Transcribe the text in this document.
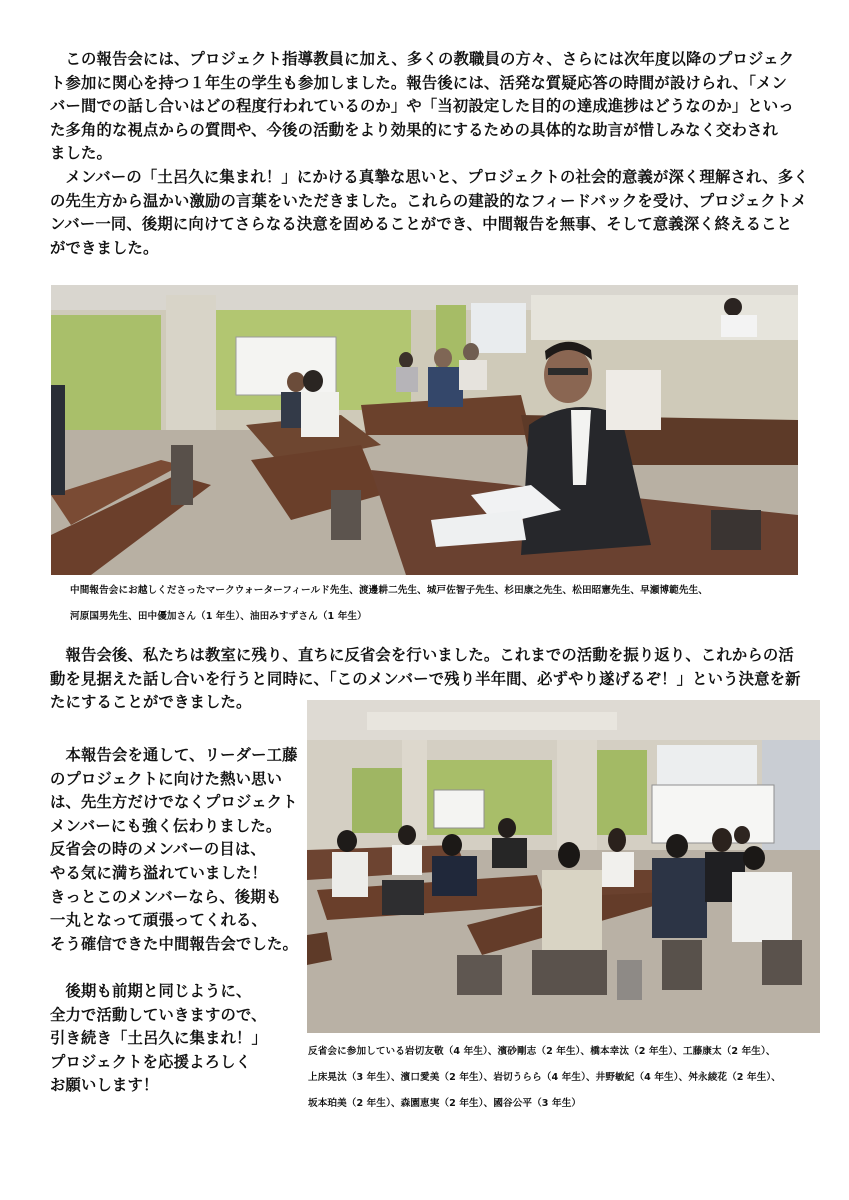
　この報告会には、プロジェクト指導教員に加え、多くの教職員の方々、さらには次年度以降のプロジェク
ト参加に関心を持つ１年生の学生も参加しました。報告後には、活発な質疑応答の時間が設けられ、「メン
バー間での話し合いはどの程度行われているのか」や「当初設定した目的の達成進捗はどうなのか」といっ
た多角的な視点からの質問や、今後の活動をより効果的にするための具体的な助言が惜しみなく交わされ
ました。
　メンバーの「土呂久に集まれ！」にかける真摯な思いと、プロジェクトの社会的意義が深く理解され、多く
の先生方から温かい激励の言葉をいただきました。これらの建設的なフィードバックを受け、プロジェクトメ
ンバー一同、後期に向けてさらなる決意を固めることができ、中間報告を無事、そして意義深く終えること
ができました。
中間報告会にお越しくださったマークウォーターフィールド先生、渡邊耕二先生、城戸佐智子先生、杉田康之先生、松田昭憲先生、早瀬博範先生、
河原国男先生、田中優加さん（1 年生）、油田みすずさん（1 年生）
　報告会後、私たちは教室に残り、直ちに反省会を行いました。これまでの活動を振り返り、これからの活
動を見据えた話し合いを行うと同時に、「このメンバーで残り半年間、必ずやり遂げるぞ！」という決意を新
たにすることができました。
　本報告会を通して、リーダー工藤
のプロジェクトに向けた熱い思い
は、先生方だけでなくプロジェクト
メンバーにも強く伝わりました。
反省会の時のメンバーの目は、
やる気に満ち溢れていました！
きっとこのメンバーなら、後期も
一丸となって頑張ってくれる、
そう確信できた中間報告会でした。
　後期も前期と同じように、
全力で活動していきますので、
引き続き「土呂久に集まれ！」
プロジェクトを応援よろしく
お願いします！
反省会に参加している岩切友敬（4 年生）、濱砂剛志（2 年生）、橋本幸汰（2 年生）、工藤康太（2 年生）、
上床晃汰（3 年生）、濱口愛美（2 年生）、岩切うらら（4 年生）、井野敏紀（4 年生）、舛永綾花（2 年生）、
坂本珀美（2 年生）、森園恵実（2 年生）、國谷公平（3 年生）
